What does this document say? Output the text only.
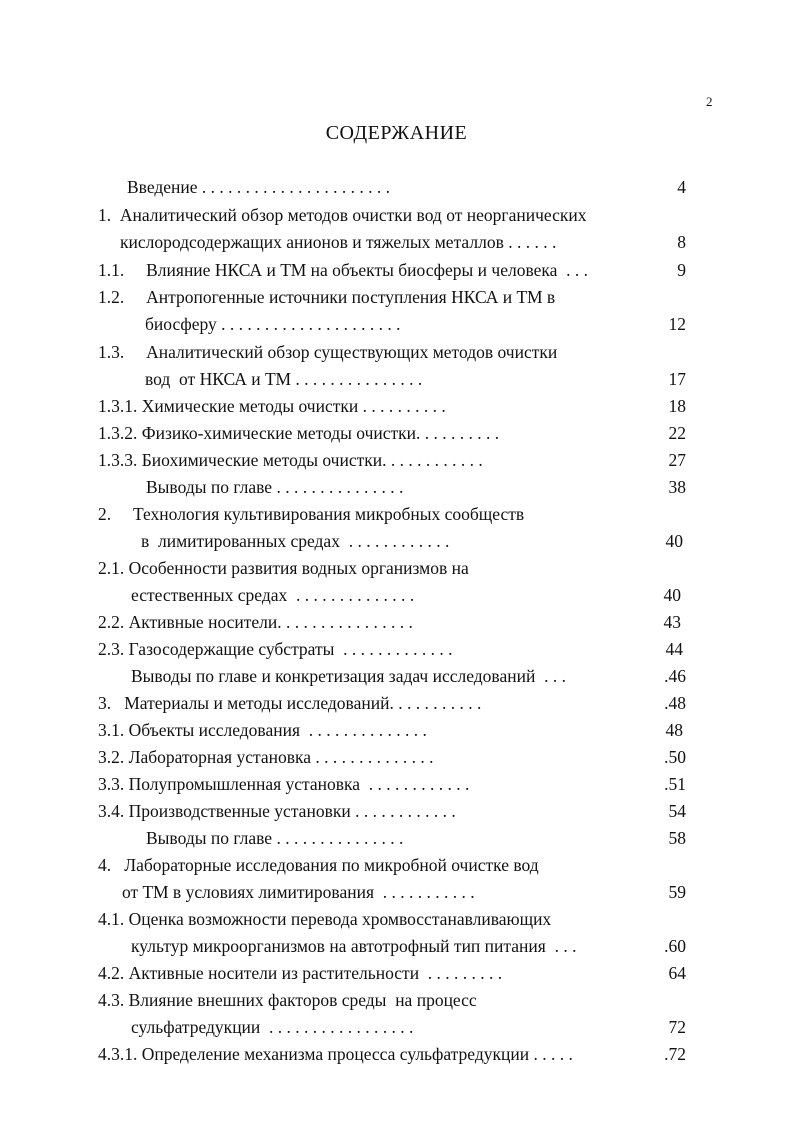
2
СОДЕРЖАНИЕ
Введение . . . . . . . . . . . . . . . . . . . . . .	4
1.  Аналитический обзор методов очистки вод от неорганических
кислородсодержащих анионов и тяжелых металлов . . . . . .	8
1.1.     Влияние НКСА и ТМ на объекты биосферы и человека  . . .	9
1.2.     Антропогенные источники поступления НКСА и ТМ в
биосферу . . . . . . . . . . . . . . . . . . . . .	12
1.3.     Аналитический обзор существующих методов очистки
вод  от НКСА и ТМ . . . . . . . . . . . . . . .	17
1.3.1. Химические методы очистки . . . . . . . . . .	18
1.3.2. Физико-химические методы очистки. . . . . . . . . .	22
1.3.3. Биохимические методы очистки. . . . . . . . . . . .	27
Выводы по главе . . . . . . . . . . . . . . .	38
2.     Технология культивирования микробных сообществ
в  лимитированных средах  . . . . . . . . . . . .	40
2.1. Особенности развития водных организмов на
естественных средах  . . . . . . . . . . . . . .	40
2.2. Активные носители. . . . . . . . . . . . . . . .	43
2.3. Газосодержащие субстраты  . . . . . . . . . . . . .	44
Выводы по главе и конкретизация задач исследований  . . .	.46
3.   Материалы и методы исследований. . . . . . . . . . .	.48
3.1. Объекты исследования  . . . . . . . . . . . . . .	48
3.2. Лабораторная установка . . . . . . . . . . . . . .	.50
3.3. Полупромышленная установка  . . . . . . . . . . . .	.51
3.4. Производственные установки . . . . . . . . . . . .	54
Выводы по главе . . . . . . . . . . . . . . .	58
4.   Лабораторные исследования по микробной очистке вод
от ТМ в условиях лимитирования  . . . . . . . . . . .	59
4.1. Оценка возможности перевода хромвосстанавливающих
культур микроорганизмов на автотрофный тип питания  . . .	.60
4.2. Активные носители из растительности  . . . . . . . . .	64
4.3. Влияние внешних факторов среды  на процесс
сульфатредукции  . . . . . . . . . . . . . . . . .	72
4.3.1. Определение механизма процесса сульфатредукции . . . . .	.72
